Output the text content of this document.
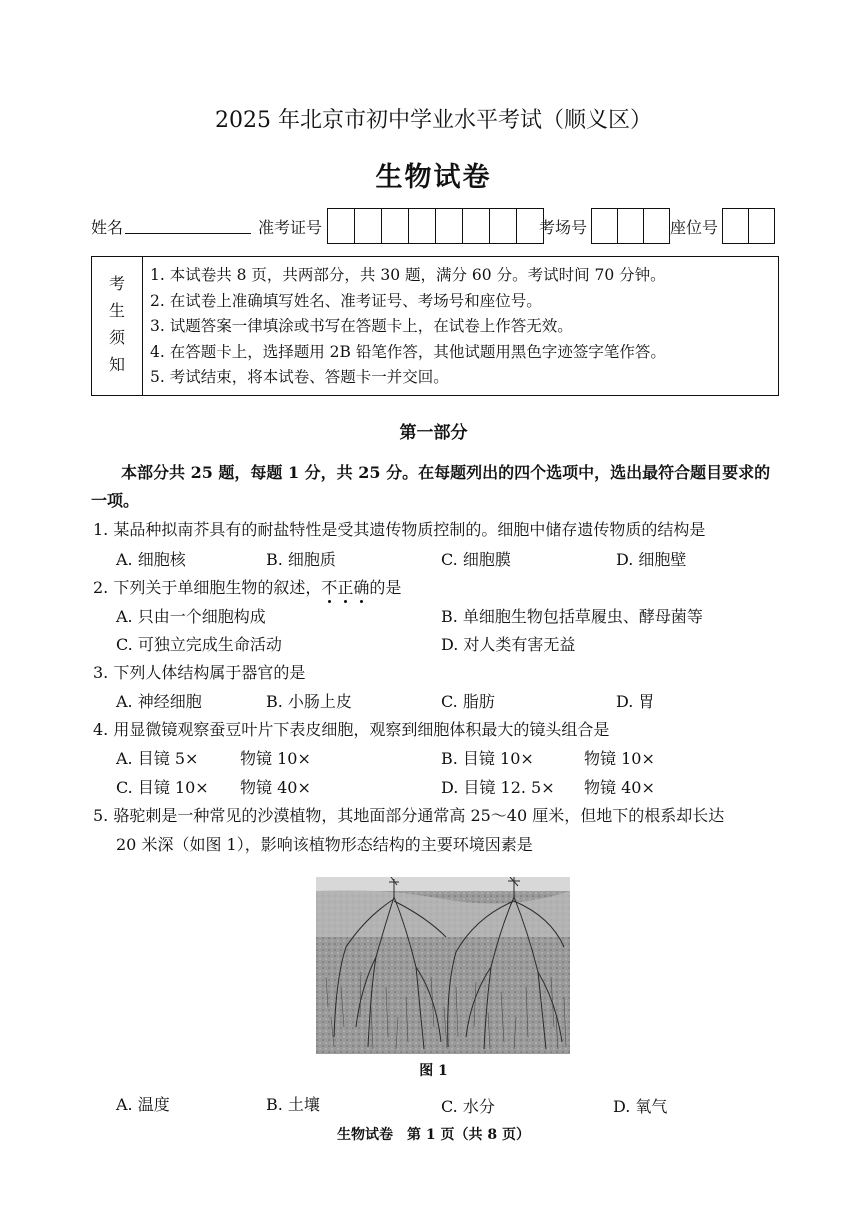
2025 年北京市初中学业水平考试（顺义区）
生物试卷
姓名	准考证号	考场号	座位号
考
生
须
知
1. 本试卷共 8 页，共两部分，共 30 题，满分 60 分。考试时间 70 分钟。
2. 在试卷上准确填写姓名、准考证号、考场号和座位号。
3. 试题答案一律填涂或书写在答题卡上，在试卷上作答无效。
4. 在答题卡上，选择题用 2B 铅笔作答，其他试题用黑色字迹签字笔作答。
5. 考试结束，将本试卷、答题卡一并交回。
第一部分
本部分共 25 题，每题 1 分，共 25 分。在每题列出的四个选项中，选出最符合题目要求的一项。
1. 某品种拟南芥具有的耐盐特性是受其遗传物质控制的。细胞中储存遗传物质的结构是
A. 细胞核	B. 细胞质	C. 细胞膜	D. 细胞壁
2. 下列关于单细胞生物的叙述，不正确的是
A. 只由一个细胞构成	B. 单细胞生物包括草履虫、酵母菌等
C. 可独立完成生命活动	D. 对人类有害无益
3. 下列人体结构属于器官的是
A. 神经细胞	B. 小肠上皮	C. 脂肪	D. 胃
4. 用显微镜观察蚕豆叶片下表皮细胞，观察到细胞体积最大的镜头组合是
A. 目镜 5×	物镜 10×	B. 目镜 10×	物镜 10×
C. 目镜 10× 物镜 40×	D. 目镜 12. 5× 物镜 40×
5. 骆驼刺是一种常见的沙漠植物，其地面部分通常高 25～40 厘米，但地下的根系却长达
20 米深（如图 1），影响该植物形态结构的主要环境因素是
图 1
A. 温度	B. 土壤	C. 水分	D. 氧气
生物试卷　第 1 页（共 8 页）
